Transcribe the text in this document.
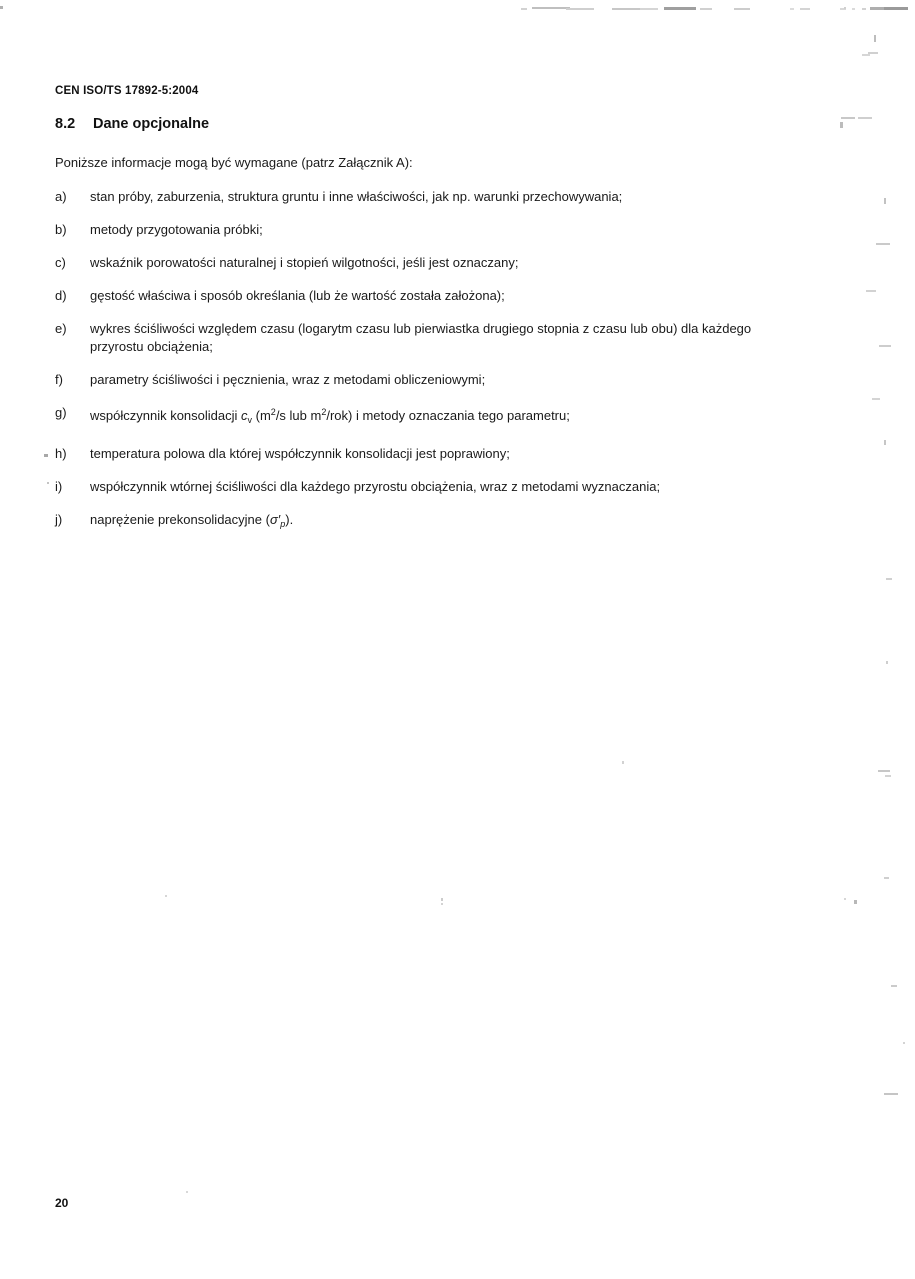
CEN ISO/TS 17892-5:2004
8.2 Dane opcjonalne
Poniższe informacje mogą być wymagane (patrz Załącznik A):
a)	stan próby, zaburzenia, struktura gruntu i inne właściwości, jak np. warunki przechowywania;
b)	metody przygotowania próbki;
c)	wskaźnik porowatości naturalnej i stopień wilgotności, jeśli jest oznaczany;
d)	gęstość właściwa i sposób określania (lub że wartość została założona);
e)	wykres ściśliwości względem czasu (logarytm czasu lub pierwiastka drugiego stopnia z czasu lub obu) dla każdego przyrostu obciążenia;
f)	parametry ściśliwości i pęcznienia, wraz z metodami obliczeniowymi;
g)	współczynnik konsolidacji $c_v$ ($m^2/s$ lub $m^2/rok$) i metody oznaczania tego parametru;
h)	temperatura polowa dla której współczynnik konsolidacji jest poprawiony;
i)	współczynnik wtórnej ściśliwości dla każdego przyrostu obciążenia, wraz z metodami wyznaczania;
j)	naprężenie prekonsolidacyjne $(\sigma'_p)$.
20
